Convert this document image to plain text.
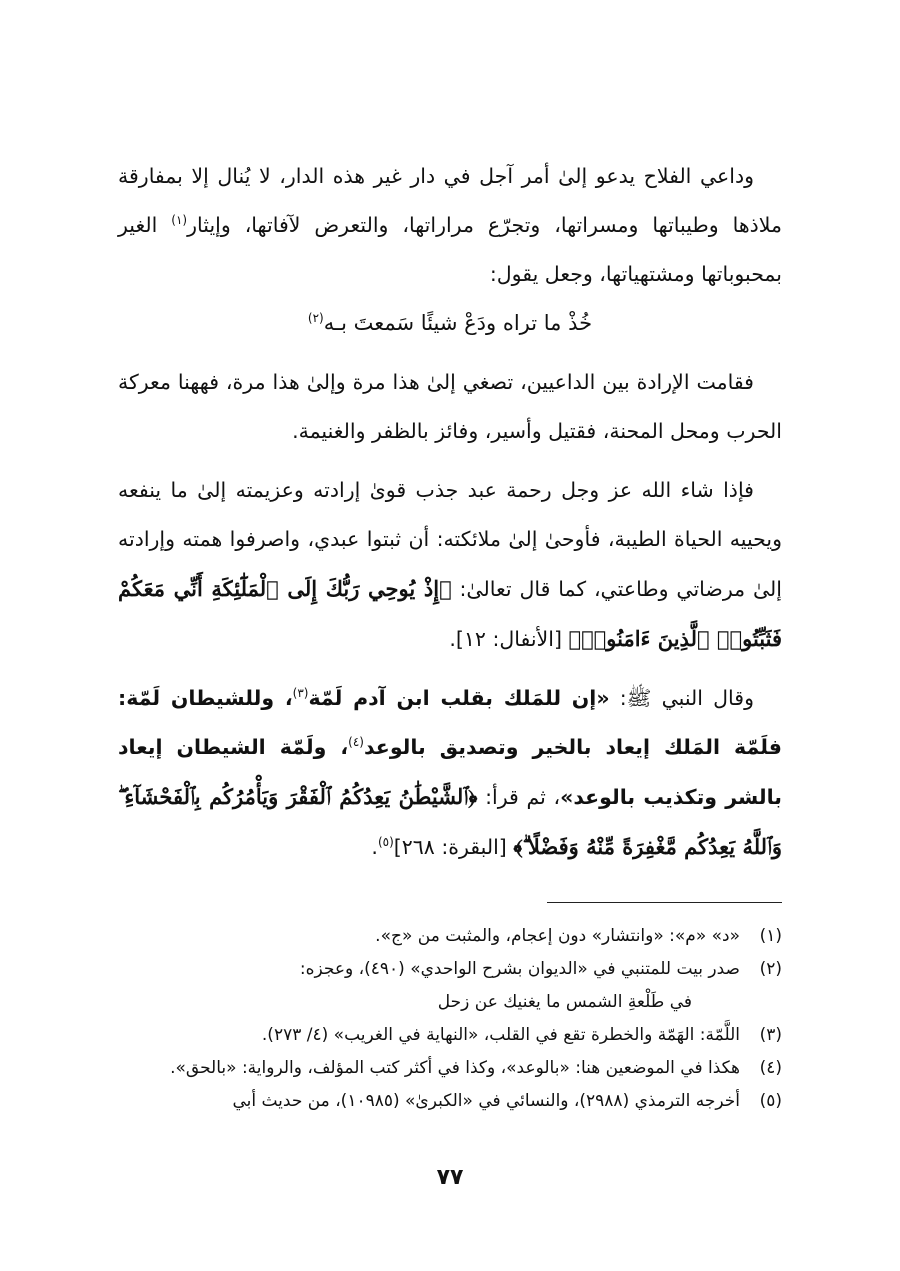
وداعي الفلاح يدعو إلىٰ أمر آجل في دار غير هذه الدار، لا يُنال إلا بمفارقة ملاذها وطيباتها ومسراتها، وتجرّع مراراتها، والتعرض لآفاتها، وإيثار$^{(١)}$ الغير بمحبوباتها ومشتهياتها، وجعل يقول:

خُذْ ما تراه ودَعْ شيئًا سَمعتَ بـه$^{(٢)}$

فقامت الإرادة بين الداعيين، تصغي إلىٰ هذا مرة وإلىٰ هذا مرة، فههنا معركة الحرب ومحل المحنة، فقتيل وأسير، وفائز بالظفر والغنيمة.

فإذا شاء الله عز وجل رحمة عبد جذب قوىٰ إرادته وعزيمته إلىٰ ما ينفعه ويحييه الحياة الطيبة، فأوحىٰ إلىٰ ملائكته: أن ثبتوا عبدي، واصرفوا همته وإرادته إلىٰ مرضاتي وطاعتي، كما قال تعالىٰ: ﴿إِذْ يُوحِي رَبُّكَ إِلَى ٱلْمَلَٰٓئِكَةِ أَنِّي مَعَكُمْ فَثَبِّتُوا۟ ٱلَّذِينَ ءَامَنُوا۟﴾ [الأنفال: ١٢].

وقال النبي ﷺ: «إن للمَلك بقلب ابن آدم لَمّة$^{(٣)}$، وللشيطان لَمّة: فلَمّة المَلك إيعاد بالخير وتصديق بالوعد$^{(٤)}$، ولَمّة الشيطان إيعاد بالشر وتكذيب بالوعد»، ثم قرأ: ﴿ٱلشَّيْطَٰنُ يَعِدُكُمُ ٱلْفَقْرَ وَيَأْمُرُكُم بِٱلْفَحْشَآءِ ۖ وَٱللَّهُ يَعِدُكُم مَّغْفِرَةً مِّنْهُ وَفَضْلًا ۗ﴾ [البقرة: ٢٦٨]$^{(٥)}$.

(١)«د» «م»: «وانتشار» دون إعجام، والمثبت من «ج».
(٢)صدر بيت للمتنبي في «الديوان بشرح الواحدي» (٤٩٠)، وعجزه:
في طَلْعةِ الشمس ما يغنيك عن زحل
(٣)اللَّمّة: الهَمّة والخطرة تقع في القلب، «النهاية في الغريب» (٤/ ٢٧٣).
(٤)هكذا في الموضعين هنا: «بالوعد»، وكذا في أكثر كتب المؤلف، والرواية: «بالحق».
(٥)أخرجه الترمذي (٢٩٨٨)، والنسائي في «الكبرىٰ» (١٠٩٨٥)، من حديث أبي
٧٧
